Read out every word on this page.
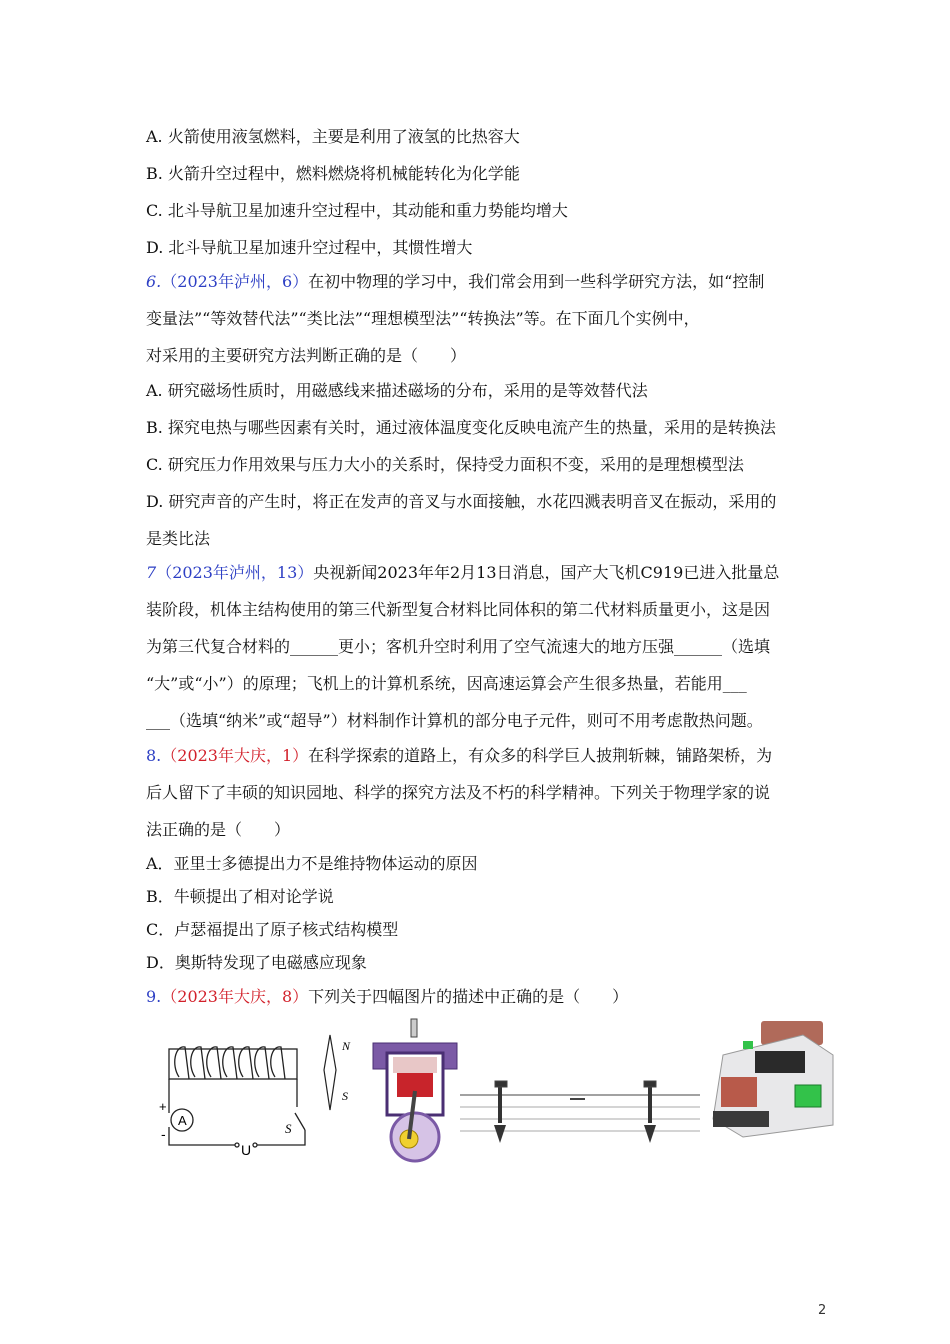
A. 火箭使用液氢燃料，主要是利用了液氢的比热容大
B. 火箭升空过程中，燃料燃烧将机械能转化为化学能
C. 北斗导航卫星加速升空过程中，其动能和重力势能均增大
D. 北斗导航卫星加速升空过程中，其惯性增大
6.（2023年泸州，6）在初中物理的学习中，我们常会用到一些科学研究方法，如“控制
变量法”“等效替代法”“类比法”“理想模型法”“转换法”等。在下面几个实例中，
对采用的主要研究方法判断正确的是（　　）
A. 研究磁场性质时，用磁感线来描述磁场的分布，采用的是等效替代法
B. 探究电热与哪些因素有关时，通过液体温度变化反映电流产生的热量，采用的是转换法
C. 研究压力作用效果与压力大小的关系时，保持受力面积不变，采用的是理想模型法
D. 研究声音的产生时，将正在发声的音叉与水面接触，水花四溅表明音叉在振动，采用的
是类比法
7（2023年泸州，13）央视新闻2023年年2月13日消息，国产大飞机C919已进入批量总
装阶段，机体主结构使用的第三代新型复合材料比同体积的第二代材料质量更小，这是因
为第三代复合材料的______更小；客机升空时利用了空气流速大的地方压强______（选填
“大”或“小”）的原理；飞机上的计算机系统，因高速运算会产生很多热量，若能用___
___（选填“纳米”或“超导”）材料制作计算机的部分电子元件，则可不用考虑散热问题。
8.（2023年大庆，1）在科学探索的道路上，有众多的科学巨人披荆斩棘，铺路架桥，为
后人留下了丰硕的知识园地、科学的探究方法及不朽的科学精神。下列关于物理学家的说
法正确的是（　　）
A．亚里士多德提出力不是维持物体运动的原因
B．牛顿提出了相对论学说
C．卢瑟福提出了原子核式结构模型
D．奥斯特发现了电磁感应现象
9.（2023年大庆，8）下列关于四幅图片的描述中正确的是（　　）
A
+
-
U
S
N
S
2
